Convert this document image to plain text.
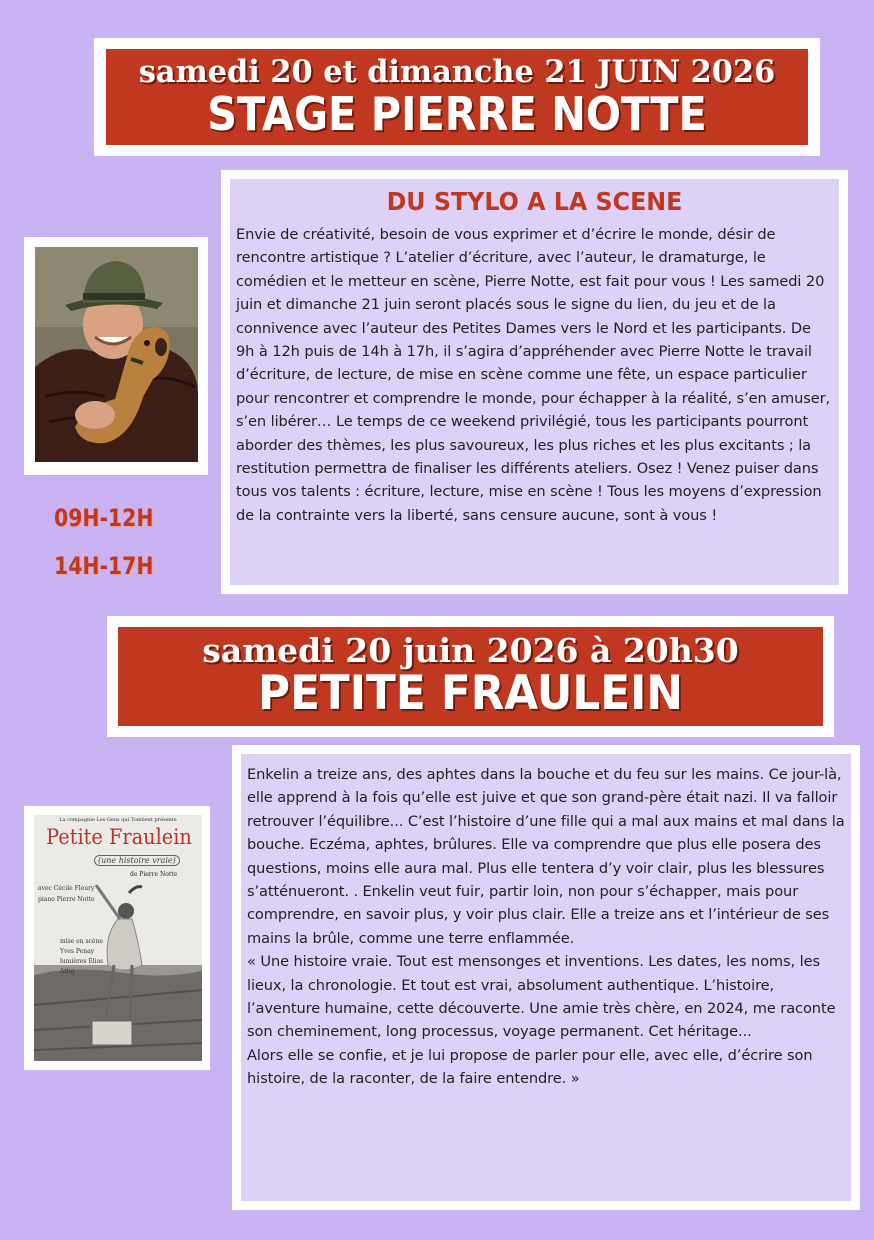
samedi 20 et dimanche 21 JUIN 2026
STAGE PIERRE NOTTE
DU STYLO A LA SCENE

Envie de créativité, besoin de vous exprimer et d’écrire le monde, désir de rencontre artistique ? L’atelier d’écriture, avec l’auteur, le dramaturge, le comédien et le metteur en scène, Pierre Notte, est fait pour vous ! Les samedi 20 juin et dimanche 21 juin seront placés sous le signe du lien, du jeu et de la connivence avec l’auteur des Petites Dames vers le Nord et les participants. De 9h à 12h puis de 14h à 17h, il s’agira d’appréhender avec Pierre Notte le travail d’écriture, de lecture, de mise en scène comme une fête, un espace particulier pour rencontrer et comprendre le monde, pour échapper à la réalité, s’en amuser, s’en libérer… Le temps de ce weekend privilégié, tous les participants pourront aborder des thèmes, les plus savoureux, les plus riches et les plus excitants ; la restitution permettra de finaliser les différents ateliers. Osez ! Venez puiser dans tous vos talents : écriture, lecture, mise en scène ! Tous les moyens d’expression de la contrainte vers la liberté, sans censure aucune, sont à vous !

09H-12H
14H-17H
samedi 20 juin 2026 à 20h30
PETITE FRAULEIN

Enkelin a treize ans, des aphtes dans la bouche et du feu sur les mains. Ce jour-là, elle apprend à la fois qu’elle est juive et que son grand-père était nazi. Il va falloir retrouver l’équilibre... C’est l’histoire d’une fille qui a mal aux mains et mal dans la bouche. Eczéma, aphtes, brûlures. Elle va comprendre que plus elle posera des questions, moins elle aura mal. Plus elle tentera d’y voir clair, plus les blessures s’atténueront. . Enkelin veut fuir, partir loin, non pour s’échapper, mais pour comprendre, en savoir plus, y voir plus clair. Elle a treize ans et l’intérieur de ses mains la brûle, comme une terre enflammée.

« Une histoire vraie. Tout est mensonges et inventions. Les dates, les noms, les lieux, la chronologie. Et tout est vrai, absolument authentique. L’histoire, l’aventure humaine, cette découverte. Une amie très chère, en 2024, me raconte son cheminement, long processus, voyage permanent. Cet héritage...

Alors elle se confie, et je lui propose de parler pour elle, avec elle, d’écrire son histoire, de la raconter, de la faire entendre. »

La compagnie Les Gens qui Tombent présente
Petite Fraulein
(une histoire vraie)
de Pierre Notte
avec Cécile Fleury piano Pierre Notte
mise en scène Yves Penay lumières Élias Attig
